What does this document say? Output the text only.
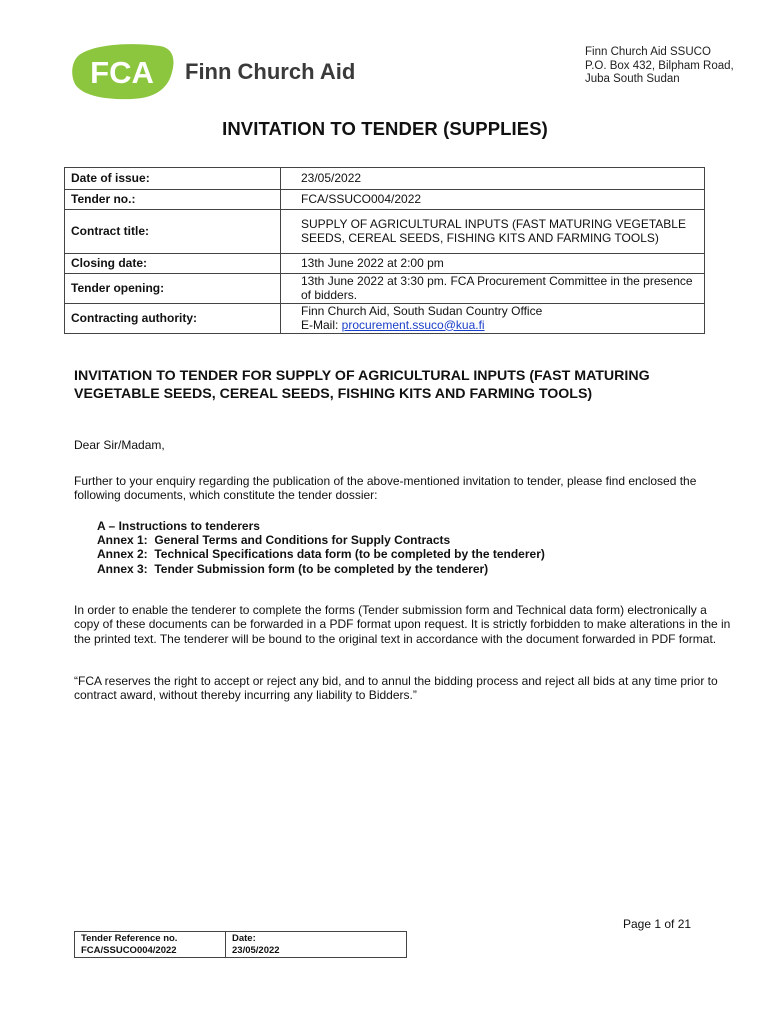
FCA Finn Church Aid
Finn Church Aid SSUCO
P.O. Box 432, Bilpham Road,
Juba South Sudan
INVITATION TO TENDER (SUPPLIES)
Date of issue:	23/05/2022
Tender no.:	FCA/SSUCO004/2022
Contract title:	SUPPLY OF AGRICULTURAL INPUTS (FAST MATURING VEGETABLE SEEDS, CEREAL SEEDS, FISHING KITS AND FARMING TOOLS)
Closing date:	13th June 2022 at 2:00 pm
Tender opening:	13th June 2022 at 3:30 pm. FCA Procurement Committee in the presence of bidders.
Contracting authority:	Finn Church Aid, South Sudan Country Office
E-Mail: procurement.ssuco@kua.fi
INVITATION TO TENDER FOR SUPPLY OF AGRICULTURAL INPUTS (FAST MATURING VEGETABLE SEEDS, CEREAL SEEDS, FISHING KITS AND FARMING TOOLS)

Dear Sir/Madam,

Further to your enquiry regarding the publication of the above-mentioned invitation to tender, please find enclosed the following documents, which constitute the tender dossier:

A – Instructions to tenderers
Annex 1:  General Terms and Conditions for Supply Contracts
Annex 2:  Technical Specifications data form (to be completed by the tenderer)
Annex 3:  Tender Submission form (to be completed by the tenderer)

In order to enable the tenderer to complete the forms (Tender submission form and Technical data form) electronically a copy of these documents can be forwarded in a PDF format upon request. It is strictly forbidden to make alterations in the in the printed text. The tenderer will be bound to the original text in accordance with the document forwarded in PDF format.

“FCA reserves the right to accept or reject any bid, and to annul the bidding process and reject all bids at any time prior to contract award, without thereby incurring any liability to Bidders.”

Page 1 of 21
Tender Reference no.
FCA/SSUCO004/2022

Date:
23/05/2022
